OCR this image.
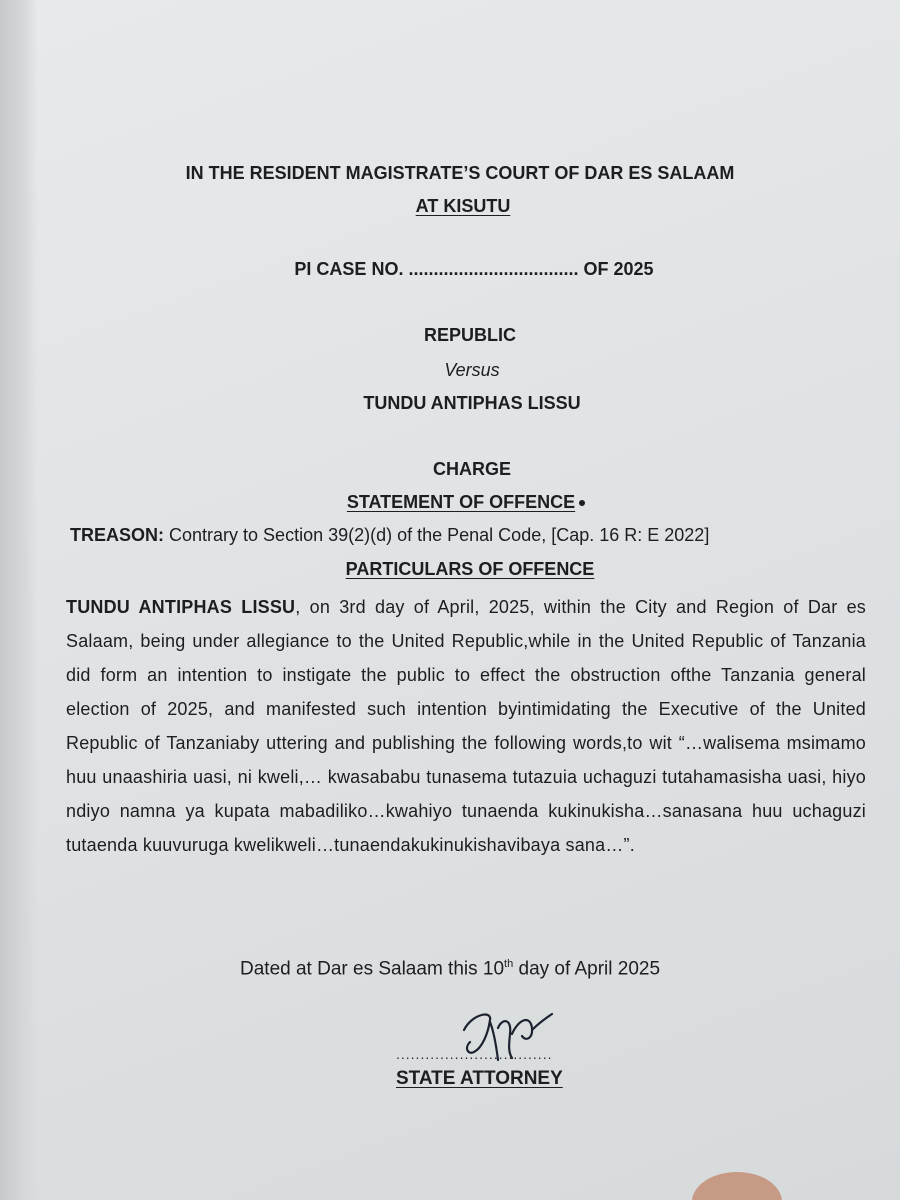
IN THE RESIDENT MAGISTRATE’S COURT OF DAR ES SALAAM
AT KISUTU
PI CASE NO. .................................. OF 2025
REPUBLIC
Versus
TUNDU ANTIPHAS LISSU
CHARGE
STATEMENT OF OFFENCE
TREASON: Contrary to Section 39(2)(d) of the Penal Code, [Cap. 16 R: E 2022]
PARTICULARS OF OFFENCE
TUNDU ANTIPHAS LISSU, on 3rd day of April, 2025, within the City and Region of Dar es Salaam, being under allegiance to the United Republic,while in the United Republic of Tanzania did form an intention to instigate the public to effect the obstruction ofthe Tanzania general election of 2025, and manifested such intention byintimidating the Executive of the United Republic of Tanzaniaby uttering and publishing the following words,to wit “…walisema msimamo huu unaashiria uasi, ni kweli,… kwasababu tunasema tutazuia uchaguzi tutahamasisha uasi, hiyo ndiyo namna ya kupata mabadiliko…kwahiyo tunaenda kukinukisha…sanasana huu uchaguzi tutaenda kuuvuruga kwelikweli…tunaendakukinukishavibaya sana…”.
Dated at Dar es Salaam this 10th day of April 2025
................................
STATE ATTORNEY
